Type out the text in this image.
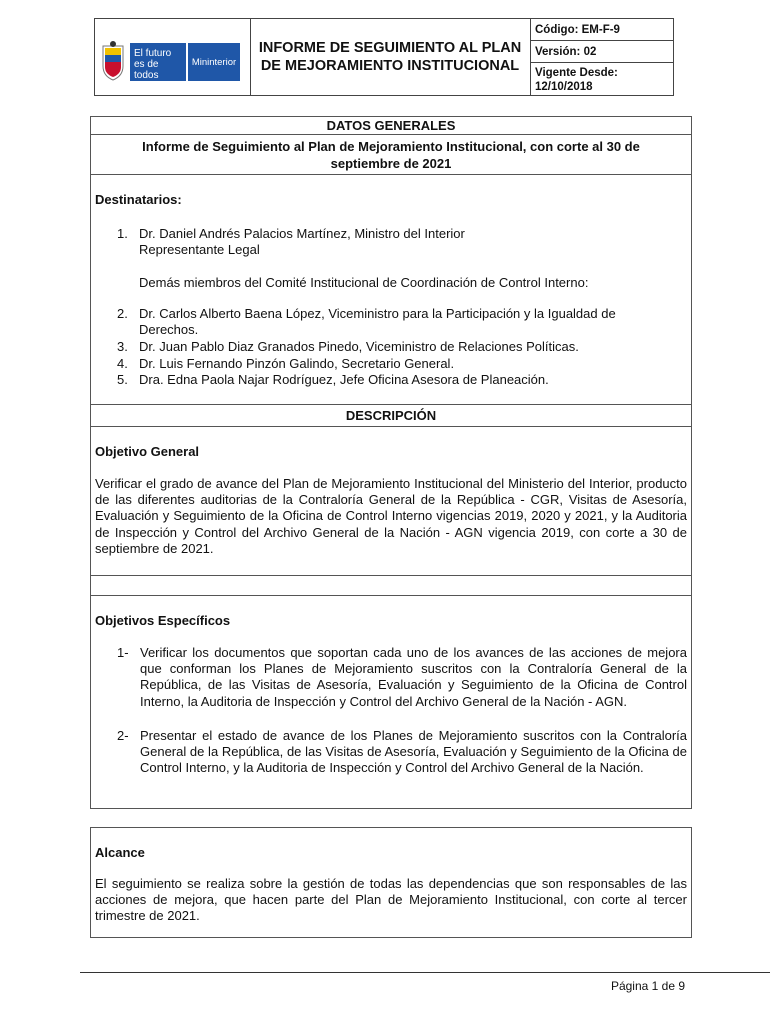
INFORME DE SEGUIMIENTO AL PLAN
DE MEJORAMIENTO INSTITUCIONAL
Código: EM-F-9
Versión: 02
Vigente Desde:
12/10/2018
El futuro
es de todos
Mininterior
DATOS GENERALES
Informe de Seguimiento al Plan de Mejoramiento Institucional, con corte al 30 de
septiembre de 2021
Destinatarios:
1. Dr. Daniel Andrés Palacios Martínez, Ministro del Interior
Representante Legal
Demás miembros del Comité Institucional de Coordinación de Control Interno:
2. Dr. Carlos Alberto Baena López, Viceministro para la Participación y la Igualdad de
Derechos.
3. Dr. Juan Pablo Diaz Granados Pinedo, Viceministro de Relaciones Políticas.
4. Dr. Luis Fernando Pinzón Galindo, Secretario General.
5. Dra. Edna Paola Najar Rodríguez, Jefe Oficina Asesora de Planeación.
DESCRIPCIÓN
Objetivo General
Verificar el grado de avance del Plan de Mejoramiento Institucional del Ministerio del Interior, producto de las diferentes auditorias de la Contraloría General de la República - CGR, Visitas de Asesoría, Evaluación y Seguimiento de la Oficina de Control Interno vigencias 2019, 2020 y 2021, y la Auditoria de Inspección y Control del Archivo General de la Nación - AGN vigencia 2019, con corte a 30 de septiembre de 2021.
Objetivos Específicos
1- Verificar los documentos que soportan cada uno de los avances de las acciones de mejora que conforman los Planes de Mejoramiento suscritos con la Contraloría General de la República, de las Visitas de Asesoría, Evaluación y Seguimiento de la Oficina de Control Interno, la Auditoria de Inspección y Control del Archivo General de la Nación - AGN.
2- Presentar el estado de avance de los Planes de Mejoramiento suscritos con la Contraloría General de la República, de las Visitas de Asesoría, Evaluación y Seguimiento de la Oficina de Control Interno, y la Auditoria de Inspección y Control del Archivo General de la Nación.
Alcance
El seguimiento se realiza sobre la gestión de todas las dependencias que son responsables de las acciones de mejora, que hacen parte del Plan de Mejoramiento Institucional, con corte al tercer trimestre de 2021.
Página 1 de 9
